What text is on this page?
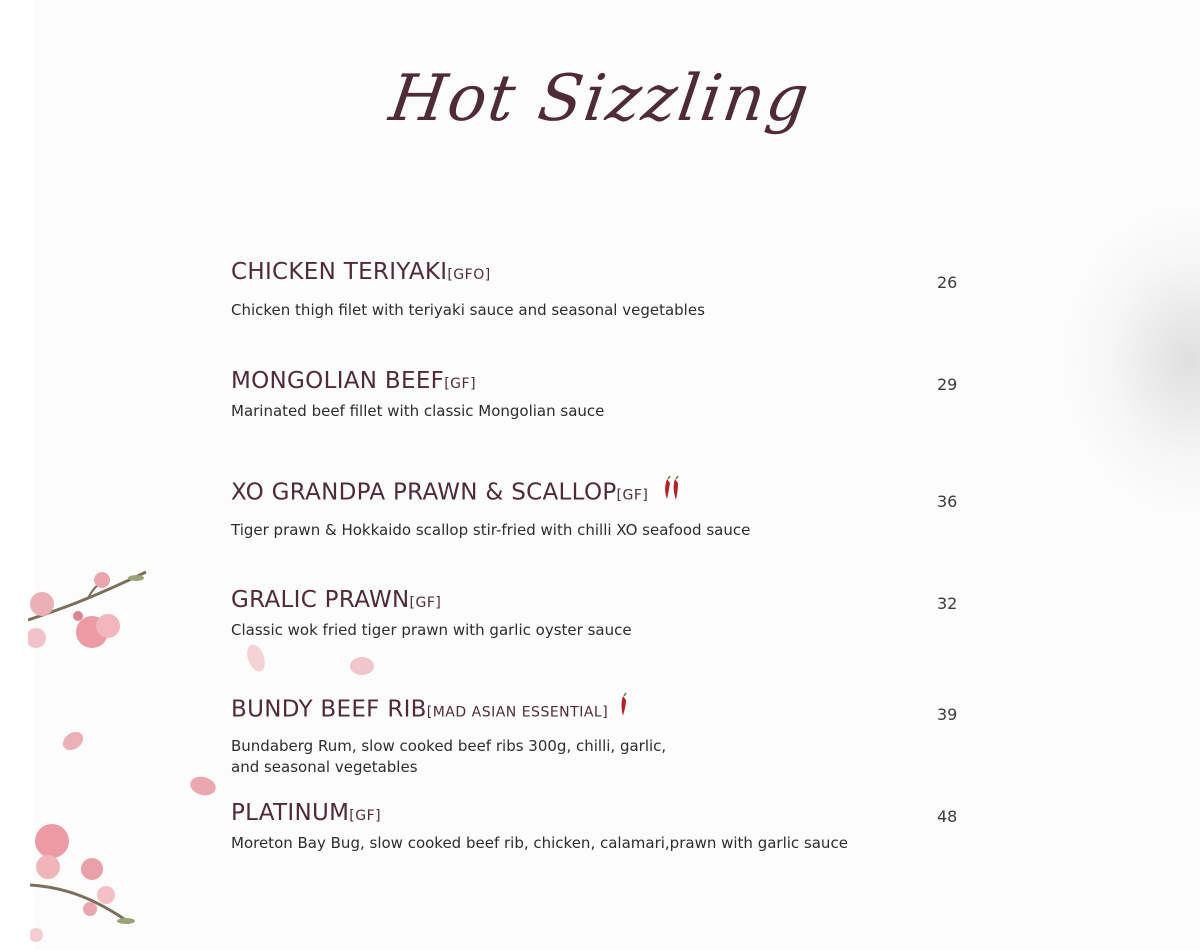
Hot Sizzling
CHICKEN TERIYAKI[GFO]
Chicken thigh filet with teriyaki sauce and seasonal vegetables
26
MONGOLIAN BEEF[GF]
Marinated beef fillet with classic Mongolian sauce
29
XO GRANDPA PRAWN & SCALLOP[GF]
Tiger prawn & Hokkaido scallop stir-fried with chilli XO seafood sauce
36
GRALIC PRAWN[GF]
Classic wok fried tiger prawn with garlic oyster sauce
32
BUNDY BEEF RIB[MAD ASIAN ESSENTIAL]
Bundaberg Rum, slow cooked beef ribs 300g, chilli, garlic,
and seasonal vegetables
39
PLATINUM[GF]
Moreton Bay Bug, slow cooked beef rib, chicken, calamari,prawn with garlic sauce
48
